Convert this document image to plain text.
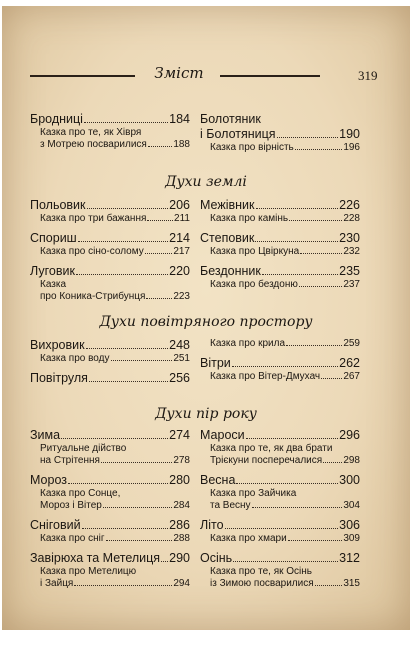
Зміст	319
Бродниці	184
Казка про те, як Хівря
з Мотрею посварилися	188
Болотяник
і Болотяниця	190
Казка про вірність	196
Духи землі
Польовик	206
Казка про три бажання	211
Спориш	214
Казка про сіно-солому	217
Луговик	220
Казка
про Коника-Стрибунця	223
Межівник	226
Казка про камінь	228
Степовик	230
Казка про Цвіркуна	232
Бездонник	235
Казка про бездоню	237
Духи повітряного простору
Вихровик	248
Казка про воду	251
Повітруля	256
Казка про крила	259
Вітри	262
Казка про Вітер-Дмухач 267
Духи пір року
Зима	274
Ритуальне дійство
на Стрітення	278
Мороз	280
Казка про Сонце,
Мороз і Вітер	284
Сніговий	286
Казка про сніг	288
Завірюха та Метелиця 290
Казка про Метелицю
і Зайця	294
Мароси	296
Казка про те, як два брати
Трієкуни посперечалися 298
Весна	300
Казка про Зайчика
та Весну	304
Літо	306
Казка про хмари	309
Осінь	312
Казка про те, як Осінь
із Зимою посварилися	315
